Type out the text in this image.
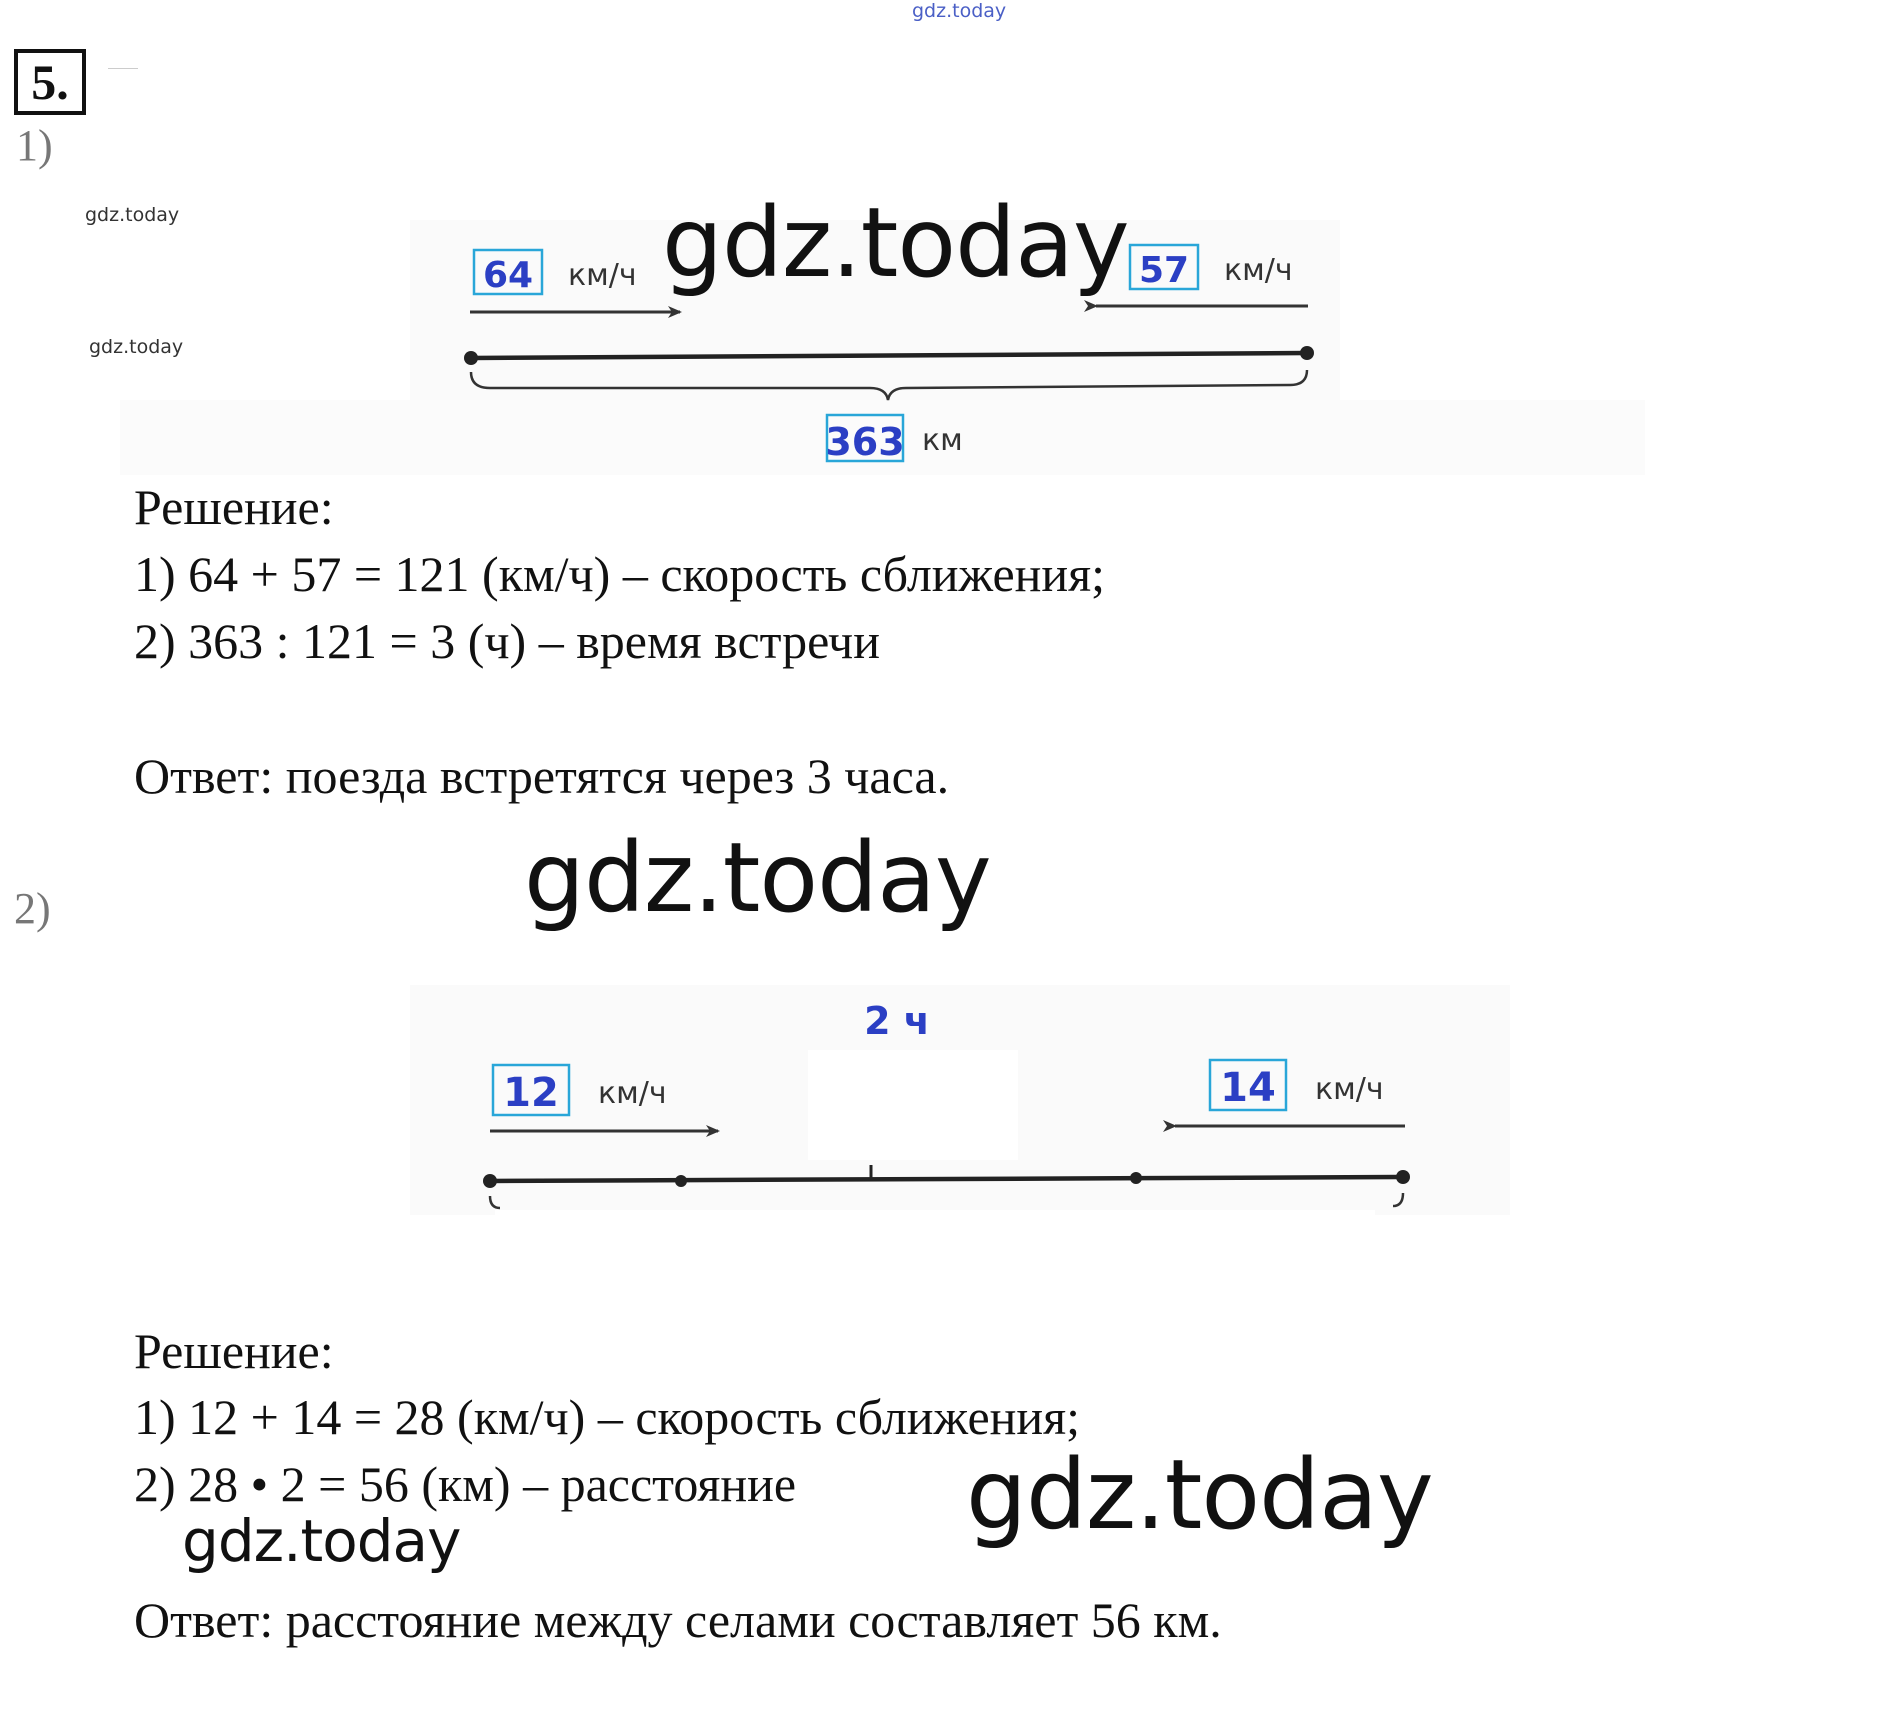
gdz.today
5.
1)
gdz.today
gdz.today
64 км/ч	57 км/ч
363 км
gdz.today
Решение:
1) 64 + 57 = 121 (км/ч) – скорость сближения;
2) 363 : 121 = 3 (ч) – время встречи
Ответ: поезда встретятся через 3 часа.
gdz.today
2)
2 ч
12 км/ч	14 км/ч
Решение:
1) 12 + 14 = 28 (км/ч) – скорость сближения;
2) 28 • 2 = 56 (км) – расстояние
gdz.today	gdz.today
Ответ: расстояние между селами составляет 56 км.
